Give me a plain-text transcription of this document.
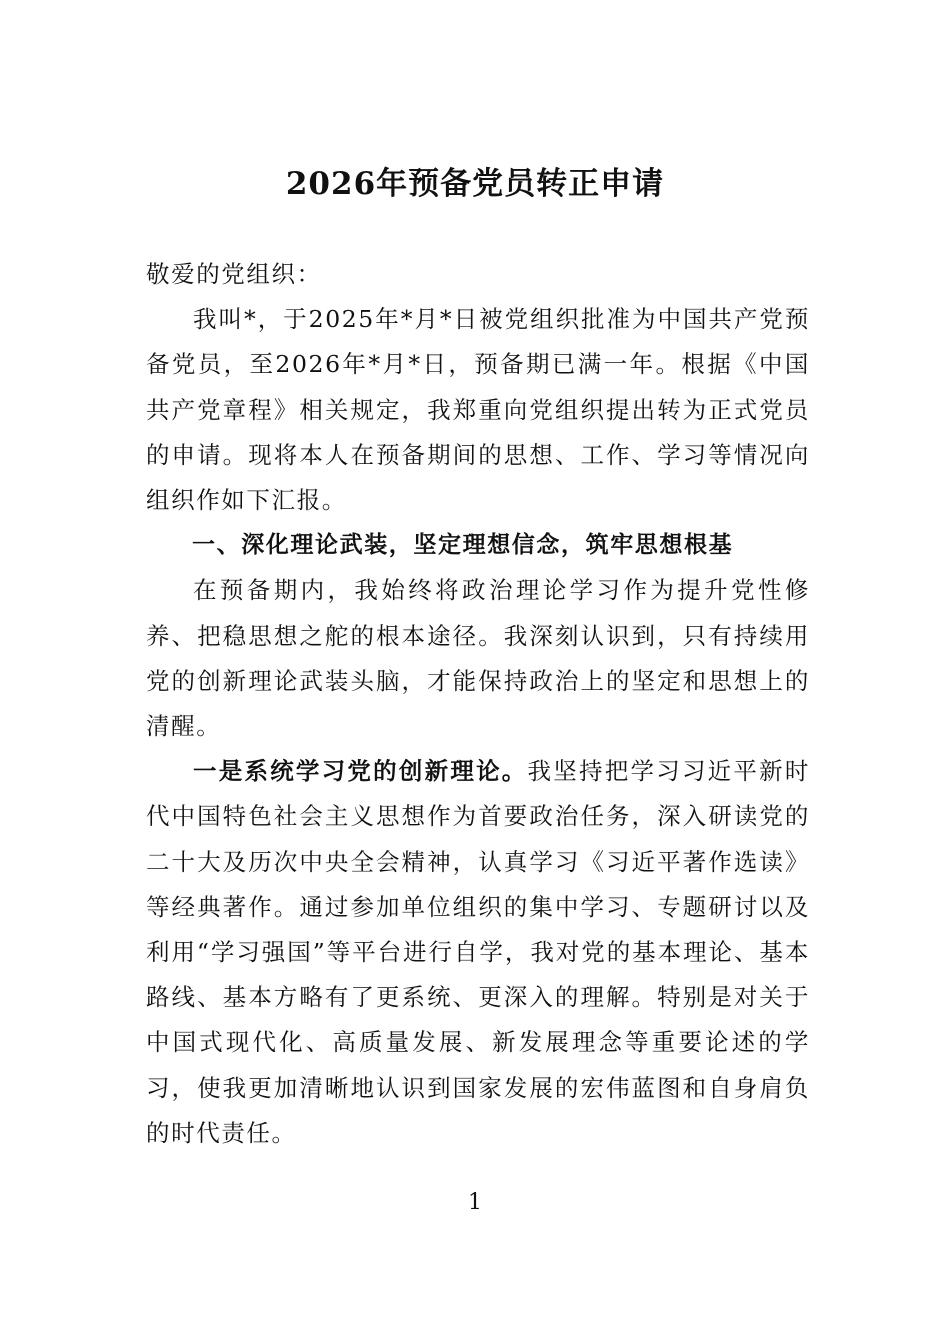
2026年预备党员转正申请

敬爱的党组织：

我叫*，于2025年*月*日被党组织批准为中国共产党预备党员，至2026年*月*日，预备期已满一年。根据《中国共产党章程》相关规定，我郑重向党组织提出转为正式党员的申请。现将本人在预备期间的思想、工作、学习等情况向组织作如下汇报。

一、深化理论武装，坚定理想信念，筑牢思想根基

在预备期内，我始终将政治理论学习作为提升党性修养、把稳思想之舵的根本途径。我深刻认识到，只有持续用党的创新理论武装头脑，才能保持政治上的坚定和思想上的清醒。

一是系统学习党的创新理论。我坚持把学习习近平新时代中国特色社会主义思想作为首要政治任务，深入研读党的二十大及历次中央全会精神，认真学习《习近平著作选读》等经典著作。通过参加单位组织的集中学习、专题研讨以及利用“学习强国”等平台进行自学，我对党的基本理论、基本路线、基本方略有了更系统、更深入的理解。特别是对关于中国式现代化、高质量发展、新发展理念等重要论述的学习，使我更加清晰地认识到国家发展的宏伟蓝图和自身肩负的时代责任。

1
